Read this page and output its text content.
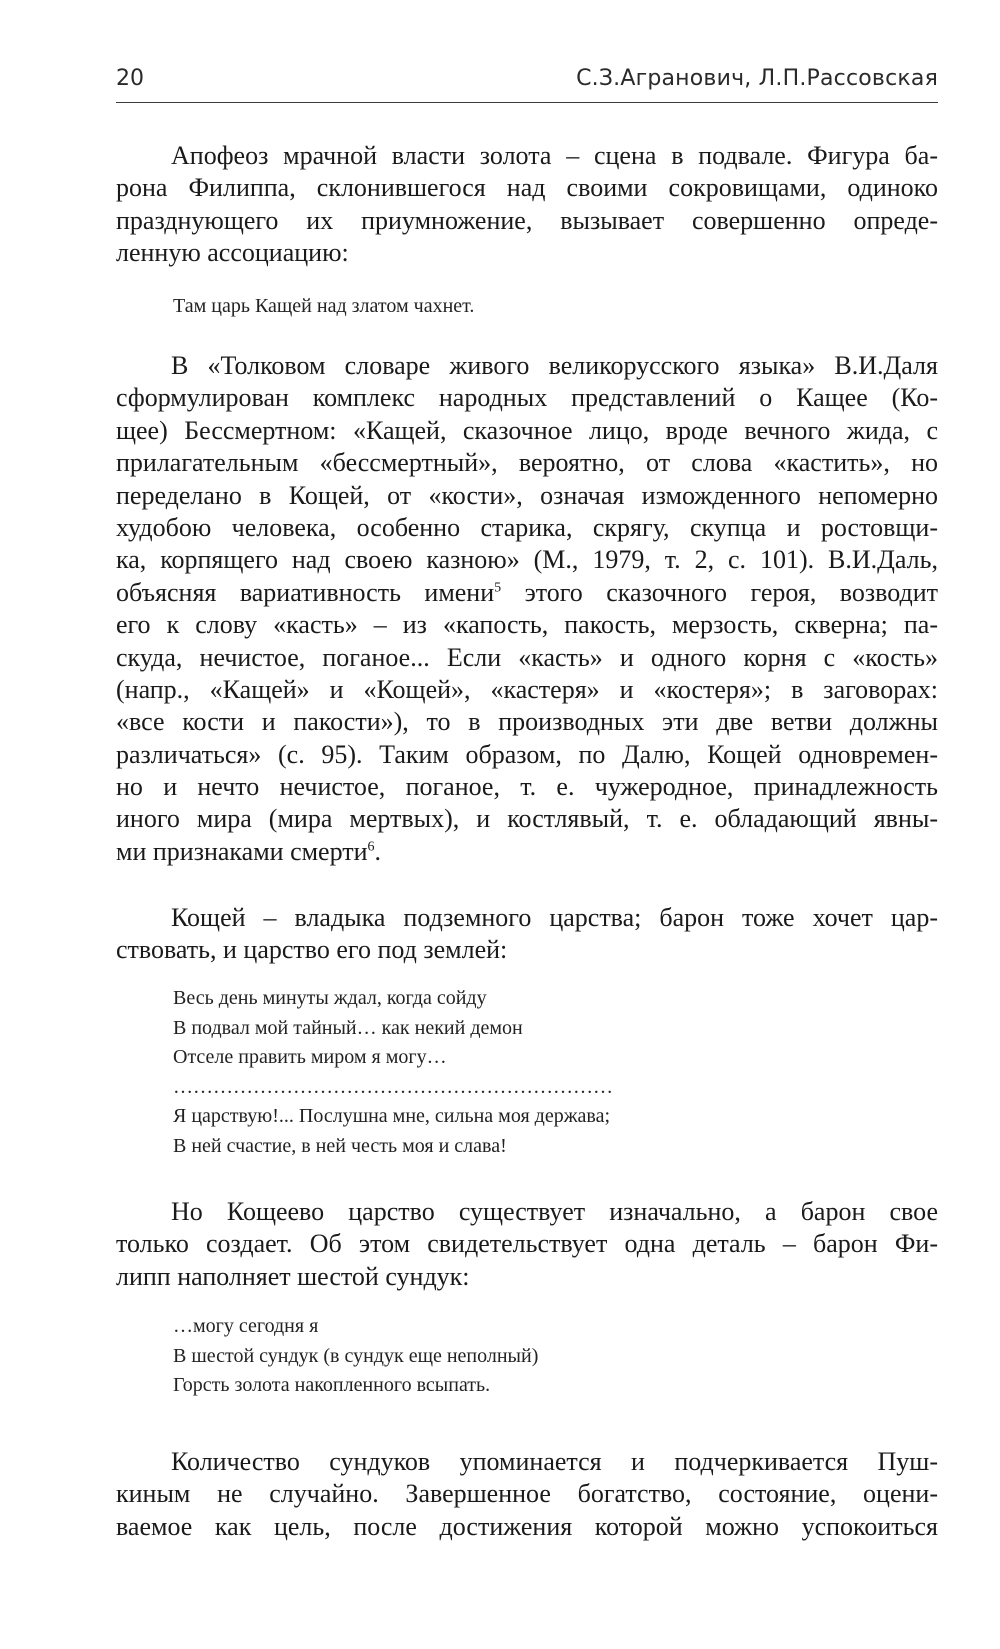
20	С.З.Агранович, Л.П.Рассовская
Апофеоз мрачной власти золота – сцена в подвале. Фигура ба-
рона Филиппа, склонившегося над своими сокровищами, одиноко
празднующего их приумножение, вызывает совершенно опреде-
ленную ассоциацию:
Там царь Кащей над златом чахнет.
В «Толковом словаре живого великорусского языка» В.И.Даля
сформулирован комплекс народных представлений о Кащее (Ко-
щее) Бессмертном: «Кащей, сказочное лицо, вроде вечного жида, с
прилагательным «бессмертный», вероятно, от слова «кастить», но
переделано в Кощей, от «кости», означая изможденного непомерно
худобою человека, особенно старика, скрягу, скупца и ростовщи-
ка, корпящего над своею казною» (М., 1979, т. 2, с. 101). В.И.Даль,
объясняя вариативность имени$^5$ этого сказочного героя, возводит
его к слову «касть» – из «капость, пакость, мерзость, скверна; па-
скуда, нечистое, поганое... Если «касть» и одного корня с «кость»
(напр., «Кащей» и «Кощей», «кастеря» и «костеря»; в заговорах:
«все кости и пакости»), то в производных эти две ветви должны
различаться» (с. 95). Таким образом, по Далю, Кощей одновремен-
но и нечто нечистое, поганое, т. е. чужеродное, принадлежность
иного мира (мира мертвых), и костлявый, т. е. обладающий явны-
ми признаками смерти$^6$.
Кощей – владыка подземного царства; барон тоже хочет цар-
ствовать, и царство его под землей:
Весь день минуты ждал, когда сойду
В подвал мой тайный… как некий демон
Отселе править миром я могу…
…………………………………………………………
Я царствую!... Послушна мне, сильна моя держава;
В ней счастие, в ней честь моя и слава!
Но Кощеево царство существует изначально, а барон свое
только создает. Об этом свидетельствует одна деталь – барон Фи-
липп наполняет шестой сундук:
…могу сегодня я
В шестой сундук (в сундук еще неполный)
Горсть золота накопленного всыпать.
Количество сундуков упоминается и подчеркивается Пуш-
киным не случайно. Завершенное богатство, состояние, оцени-
ваемое как цель, после достижения которой можно успокоиться
